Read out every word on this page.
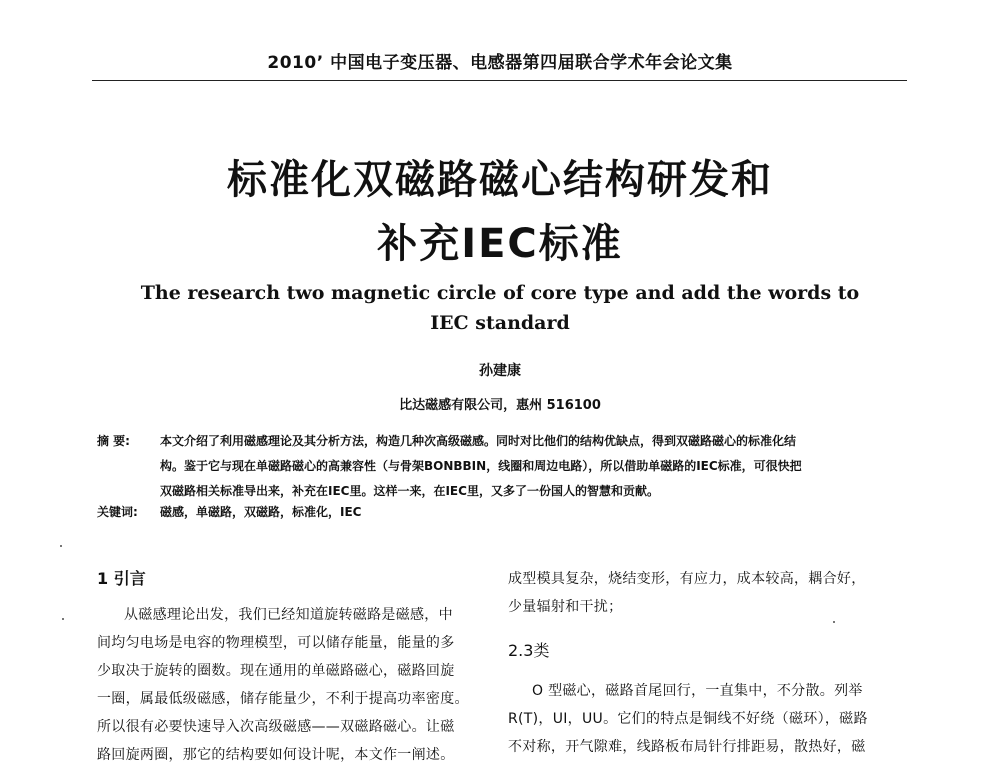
2010’ 中国电子变压器、电感器第四届联合学术年会论文集
标准化双磁路磁心结构研发和
补充IEC标准
The research two magnetic circle of core type and add the words to
IEC standard
孙建康
比达磁感有限公司，惠州 516100
摘 要:	本文介绍了利用磁感理论及其分析方法，构造几种次高级磁感。同时对比他们的结构优缺点，得到双磁路磁心的标准化结
构。鉴于它与现在单磁路磁心的高兼容性（与骨架BONBBIN，线圈和周边电路），所以借助单磁路的IEC标准，可很快把
双磁路相关标准导出来，补充在IEC里。这样一来，在IEC里，又多了一份国人的智慧和贡献。
关键词: 磁感，单磁路，双磁路，标准化，IEC
1 引言
从磁感理论出发，我们已经知道旋转磁路是磁感，中
间均匀电场是电容的物理模型，可以储存能量，能量的多
少取决于旋转的圈数。现在通用的单磁路磁心，磁路回旋
一圈，属最低级磁感，储存能量少，不利于提高功率密度。
所以很有必要快速导入次高级磁感——双磁路磁心。让磁
路回旋两圈，那它的结构要如何设计呢，本文作一阐述。
成型模具复杂，烧结变形，有应力，成本较高，耦合好，
少量辐射和干扰；
2.3类
O 型磁心，磁路首尾回行，一直集中，不分散。列举
R(T)，UI，UU。它们的特点是铜线不好绕（磁环），磁路
不对称，开气隙难，线路板布局针行排距易，散热好，磁
